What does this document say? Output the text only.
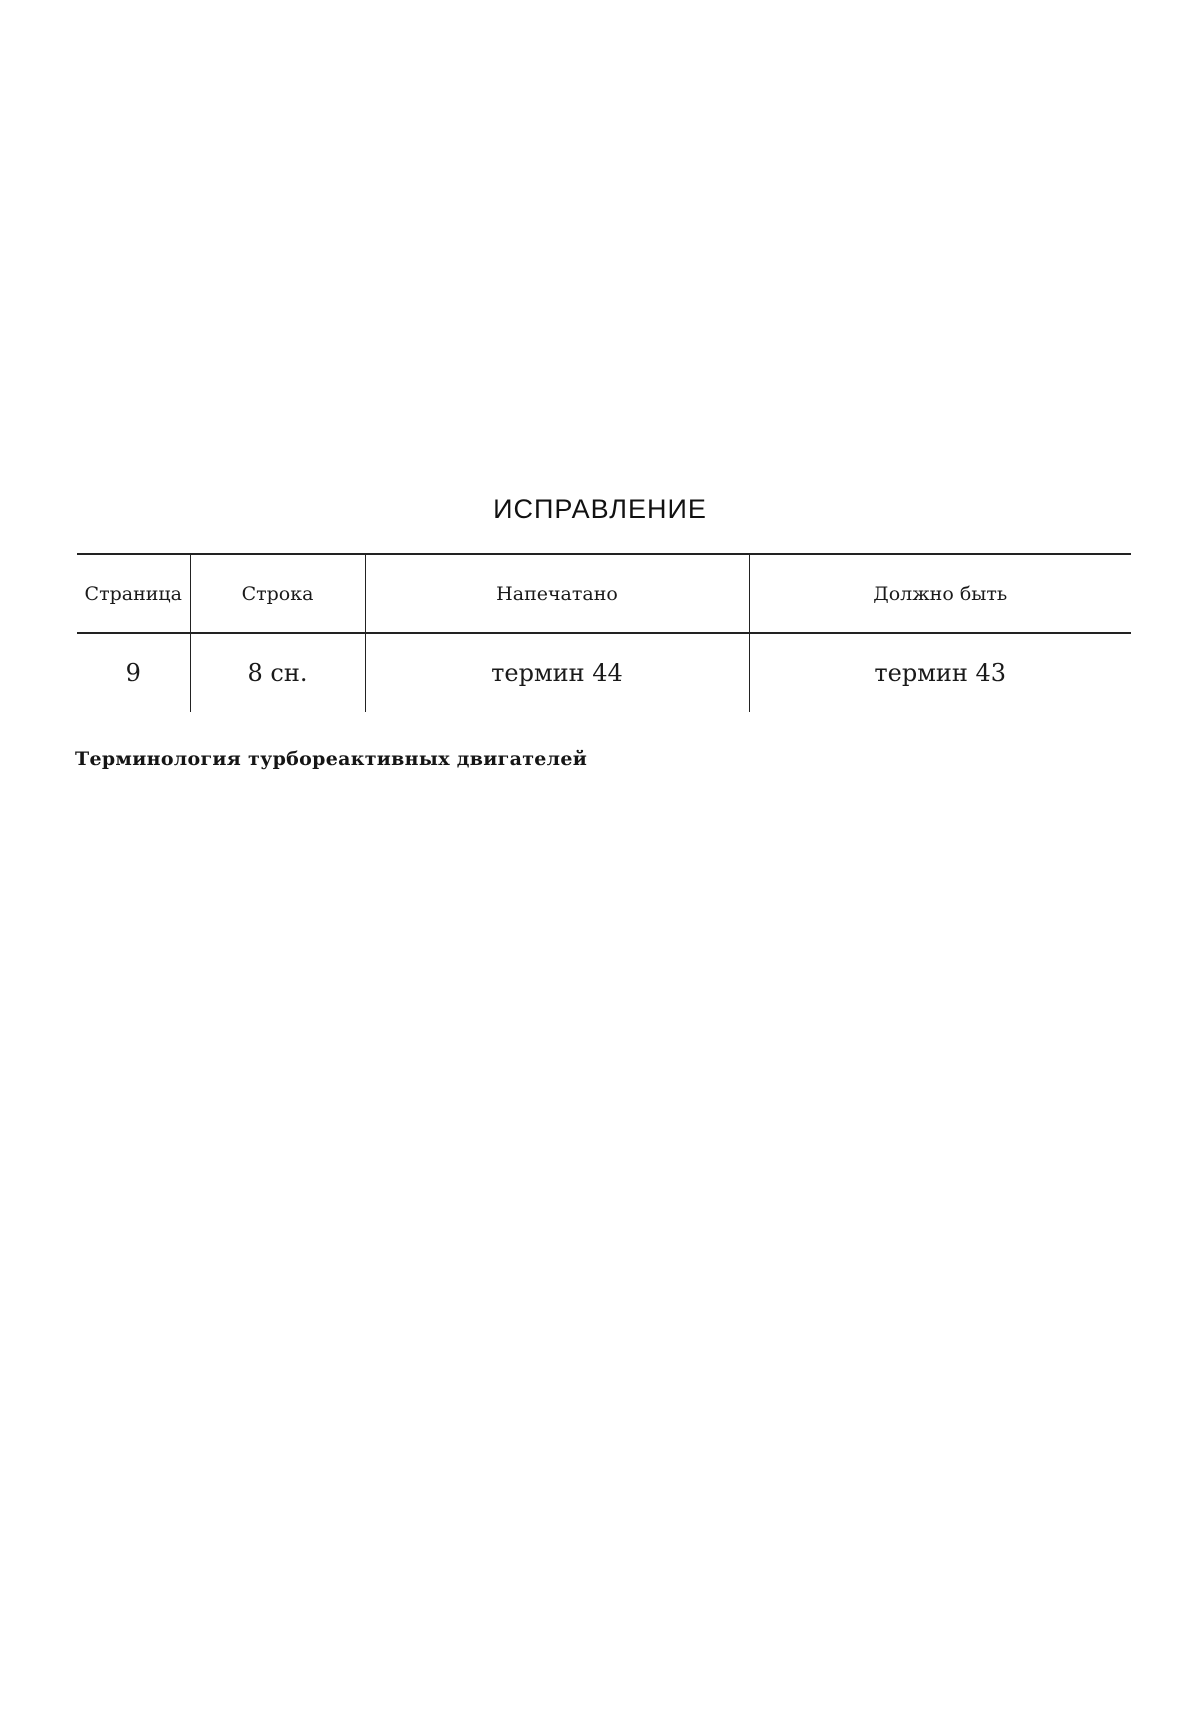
ИСПРАВЛЕНИЕ
Страница	Строка	Напечатано	Должно быть
9	8 сн.	термин 44	термин 43
Терминология турбореактивных двигателей
